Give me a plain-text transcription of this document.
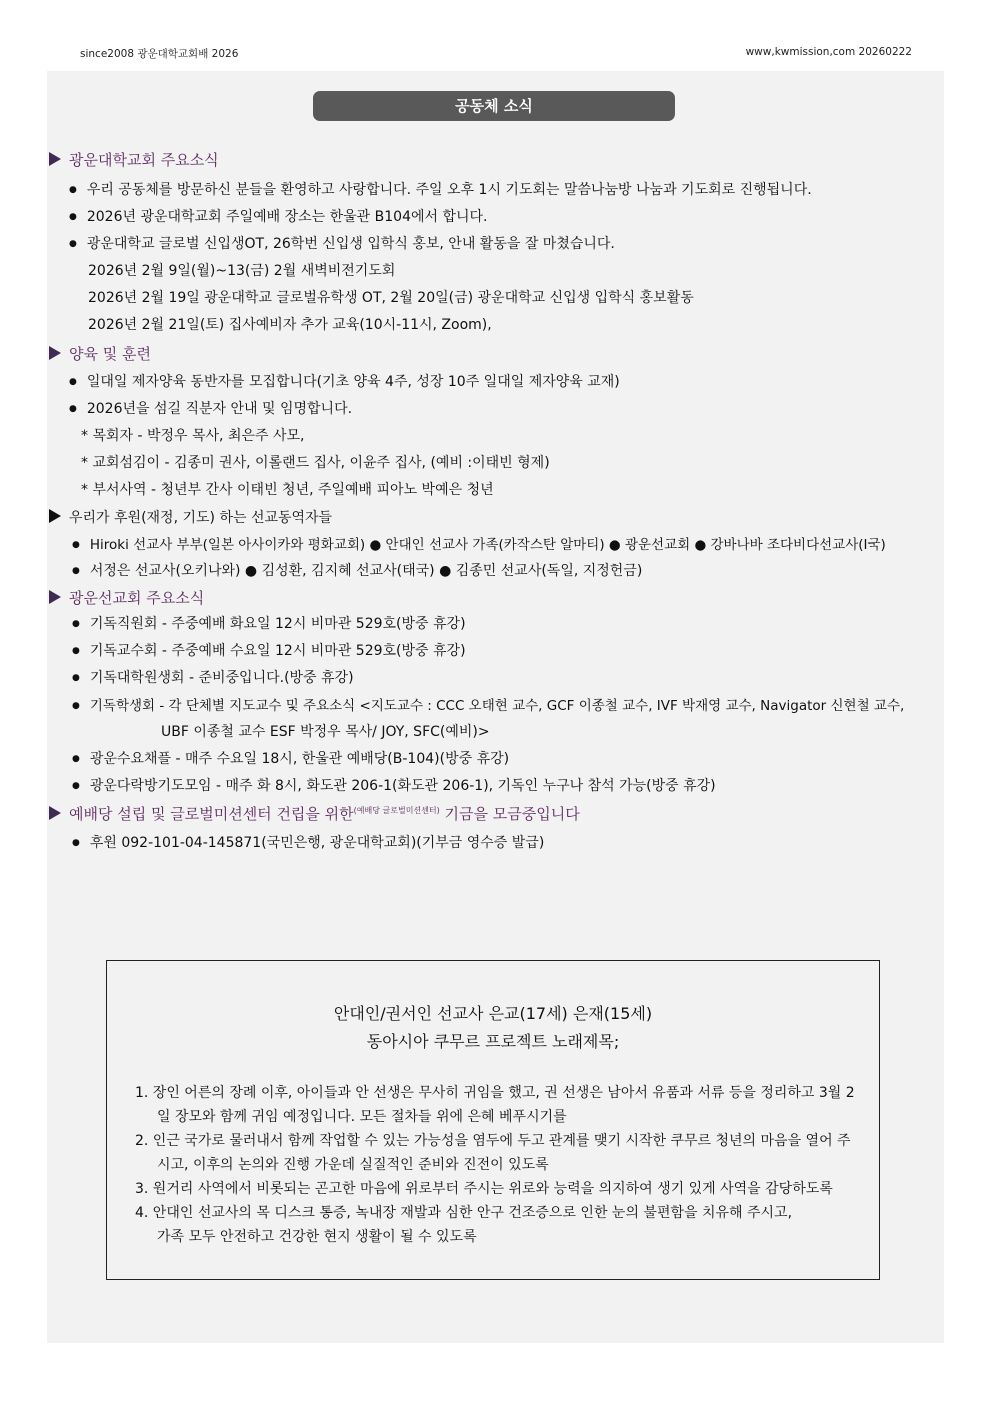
since2008 광운대학교회배 2026	www,kwmission,com 20260222
공동체 소식
광운대학교회 주요소식
● 우리 공동체를 방문하신 분들을 환영하고 사랑합니다. 주일 오후 1시 기도회는 말씀나눔방 나눔과 기도회로 진행됩니다.
● 2026년 광운대학교회 주일예배 장소는 한울관 B104에서 합니다.
● 광운대학교 글로벌 신입생OT, 26학번 신입생 입학식 홍보, 안내 활동을 잘 마쳤습니다.
2026년 2월 9일(월)~13(금) 2월 새벽비전기도회
2026년 2월 19일 광운대학교 글로벌유학생 OT, 2월 20일(금) 광운대학교 신입생 입학식 홍보활동
2026년 2월 21일(토) 집사예비자 추가 교육(10시-11시, Zoom),
양육 및 훈련
● 일대일 제자양육 동반자를 모집합니다(기초 양육 4주, 성장 10주 일대일 제자양육 교재)
● 2026년을 섬길 직분자 안내 및 임명합니다.
* 목회자 - 박정우 목사, 최은주 사모,
* 교회섬김이 - 김종미 권사, 이롤랜드 집사, 이윤주 집사, (예비 :이태빈 형제)
* 부서사역 - 청년부 간사 이태빈 청년, 주일예배 피아노 박예은 청년
우리가 후원(재정, 기도) 하는 선교동역자들
● Hiroki 선교사 부부(일본 아사이카와 평화교회) ● 안대인 선교사 가족(카작스탄 알마티) ● 광운선교회 ● 강바나바 조다비다선교사(I국)
● 서정은 선교사(오키나와) ● 김성환, 김지혜 선교사(태국) ● 김종민 선교사(독일, 지정헌금)
광운선교회 주요소식
● 기독직원회 - 주중예배 화요일 12시 비마관 529호(방중 휴강)
● 기독교수회 - 주중예배 수요일 12시 비마관 529호(방중 휴강)
● 기독대학원생회 - 준비중입니다.(방중 휴강)
● 기독학생회 - 각 단체별 지도교수 및 주요소식 <지도교수 : CCC 오태현 교수, GCF 이종철 교수, IVF 박재영 교수, Navigator 신현철 교수,
UBF 이종철 교수 ESF 박정우 목사/ JOY, SFC(예비)>
● 광운수요채플 - 매주 수요일 18시, 한울관 예배당(B-104)(방중 휴강)
● 광운다락방기도모임 - 매주 화 8시, 화도관 206-1(화도관 206-1), 기독인 누구나 참석 가능(방중 휴강)
예배당 설립 및 글로벌미션센터 건립을 위한$^{(예배당 글로벌미션센터)}$ 기금을 모금중입니다
● 후원 092-101-04-145871(국민은행, 광운대학교회)(기부금 영수증 발급)
안대인/권서인 선교사 은교(17세) 은재(15세)
동아시아 쿠무르 프로젝트 노래제목;
1. 장인 어른의 장례 이후, 아이들과 안 선생은 무사히 귀임을 했고, 권 선생은 남아서 유품과 서류 등을 정리하고 3월 2
일 장모와 함께 귀임 예정입니다. 모든 절차들 위에 은혜 베푸시기를
2. 인근 국가로 물러내서 함께 작업할 수 있는 가능성을 염두에 두고 관계를 맺기 시작한 쿠무르 청년의 마음을 열어 주
시고, 이후의 논의와 진행 가운데 실질적인 준비와 진전이 있도록
3. 원거리 사역에서 비롯되는 곤고한 마음에 위로부터 주시는 위로와 능력을 의지하여 생기 있게 사역을 감당하도록
4. 안대인 선교사의 목 디스크 통증, 녹내장 재발과 심한 안구 건조증으로 인한 눈의 불편함을 치유해 주시고,
가족 모두 안전하고 건강한 현지 생활이 될 수 있도록
